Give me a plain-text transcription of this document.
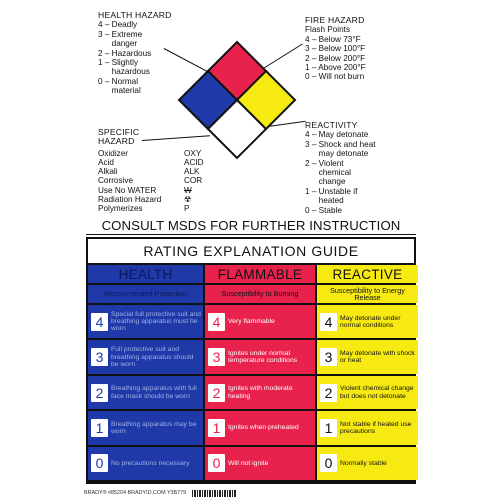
HEALTH HAZARD
4 – Deadly
3 – Extreme
danger
2 – Hazardous
1 – Slightly
hazardous
0 – Normal
material
FIRE HAZARD
Flash Points
4 – Below 73°F
3 – Below 100°F
2 – Below 200°F
1 – Above 200°F
0 – Will not burn
REACTIVITY
4 – May detonate
3 – Shock and heat
may detonate
2 – Violent
chemical
change
1 – Unstable if
heated
0 – Stable
SPECIFIC
HAZARD
Oxidizer	OXY
Acid	ACID
Alkali	ALK
Corrosive	COR
Use No WATER	W
Radiation Hazard	☢
Polymerizes	P
CONSULT MSDS FOR FURTHER INSTRUCTION
RATING EXPLANATION GUIDE
HEALTH
Recommended Protection
4	Special full protective suit and breathing apparatus must be worn
3	Full protective suit and breathing apparatus should be worn
2	Breathing apparatus with full face mask should be worn
1	Breathing apparatus may be worn
0	No precautions necessary
FLAMMABLE
Susceptibility to Burning
4	Very flammable
3	Ignites under normal temperature conditions
2	Ignites with moderate heating
1	Ignites when preheated
0	Will not ignite
REACTIVE
Susceptibility to Energy Release
4	May detonate under normal conditions
3	May detonate with shock or heat
2	Violent chemical change but does not detonate
1	Not stable if heated use precautions
0	Normally stable
BRADY® #85204 BRADYID.COM Y3B779
